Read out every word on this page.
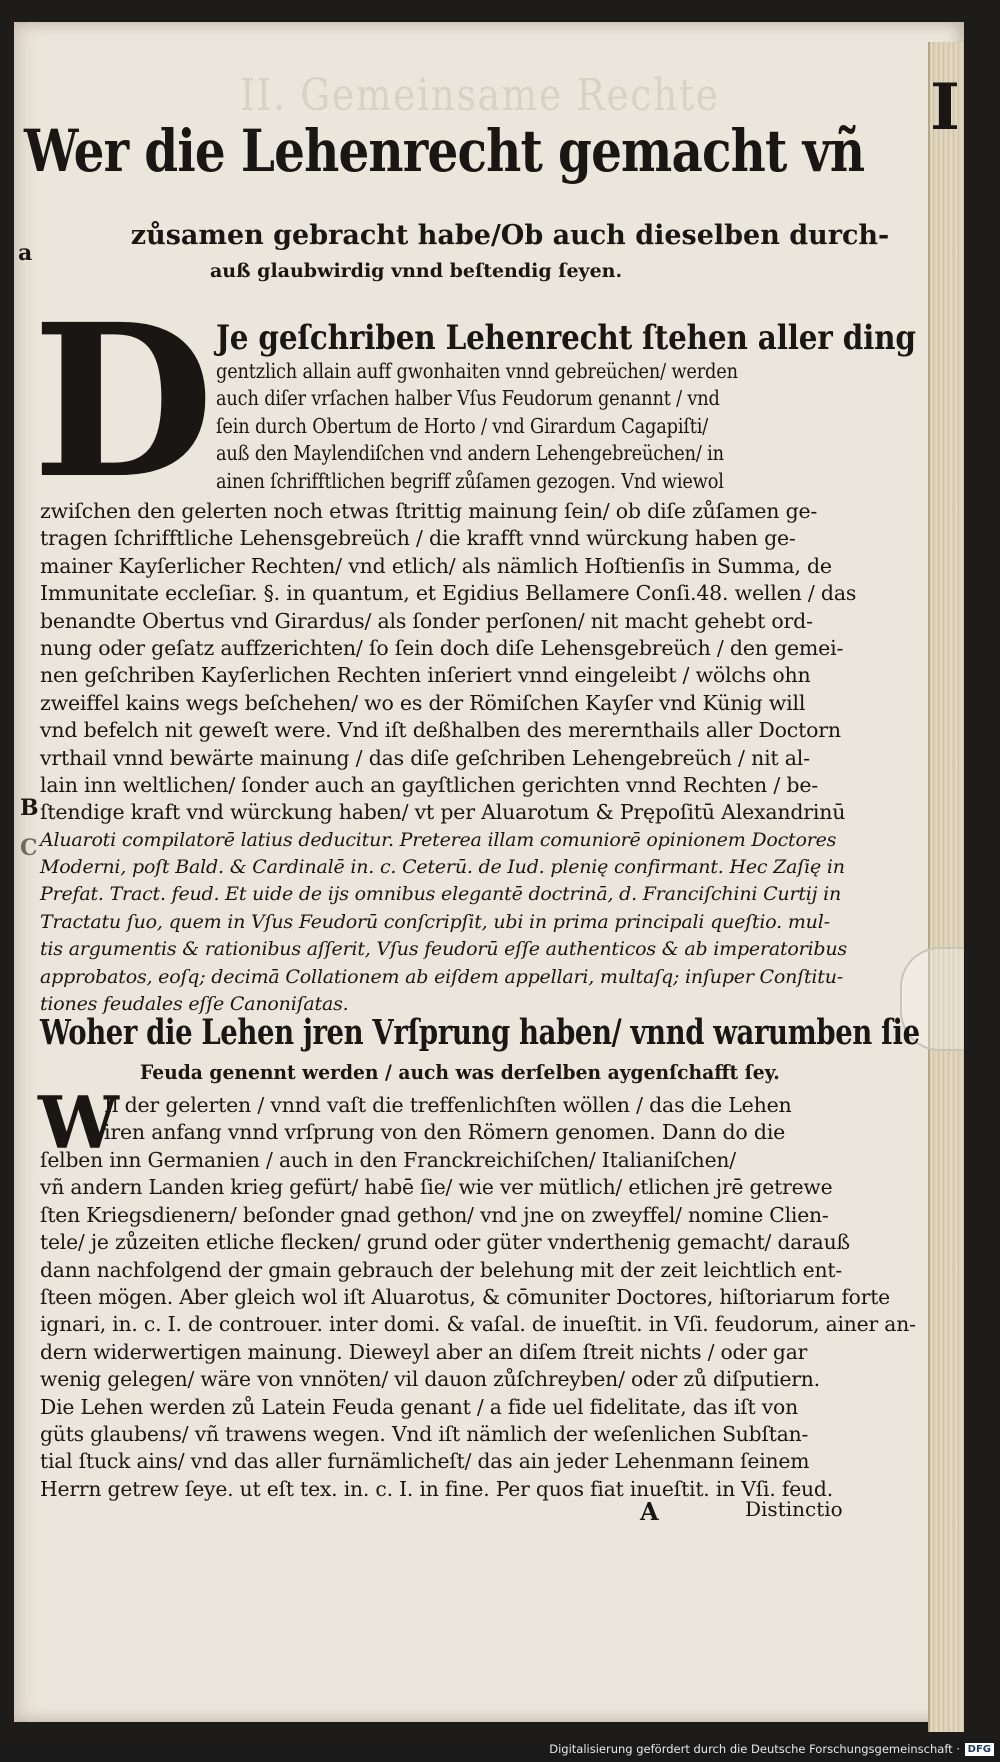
II. Gemeinsame Rechte	I
Wer die Lehenrecht gemacht vñ
zůsamen gebracht habe/Ob auch dieselben durch-
auß glaubwirdig vnnd beſtendig ſeyen.
a
B
C
D Je geſchriben Lehenrecht ſtehen aller ding
gentzlich allain auff gwonhaiten vnnd gebreüchen/ werden
auch diſer vrſachen halber Vſus Feudorum genannt / vnd
ſein durch Obertum de Horto / vnd Girardum Cagapiſti/
auß den Maylendiſchen vnd andern Lehengebreüchen/ in
ainen ſchrifftlichen begriff zůſamen gezogen. Vnd wiewol
zwiſchen den gelerten noch etwas ſtrittig mainung ſein/ ob diſe zůſamen ge-
tragen ſchrifftliche Lehensgebreüch / die krafft vnnd würckung haben ge-
mainer Kayſerlicher Rechten/ vnd etlich/ als nämlich Hoſtienſis in Summa, de
Immunitate eccleſiar. §. in quantum, et Egidius Bellamere Conſi.48. wellen / das
benandte Obertus vnd Girardus/ als ſonder perſonen/ nit macht gehebt ord-
nung oder geſatz auffzerichten/ ſo ſein doch diſe Lehensgebreüch / den gemei-
nen geſchriben Kayſerlichen Rechten inſeriert vnnd eingeleibt / wölchs ohn
zweiffel kains wegs beſchehen/ wo es der Römiſchen Kayſer vnd Künig will
vnd befelch nit geweſt were. Vnd iſt deßhalben des merernthails aller Doctorn
vrthail vnnd bewärte mainung / das diſe geſchriben Lehengebreüch / nit al-
lain inn weltlichen/ ſonder auch an gayſtlichen gerichten vnnd Rechten / be-
ſtendige kraft vnd würckung haben/ vt per Aluarotum & Prępoſitū Alexandrinū
Aluaroti compilatorē latius deducitur. Preterea illam comuniorē opinionem Doctores
Moderni, poſt Bald. & Cardinalē in. c. Ceterū. de Iud. plenię confirmant. Hec Zaſię in
Prefat. Tract. feud. Et uide de ijs omnibus elegantē doctrinā, d. Franciſchini Curtij in
Tractatu ſuo, quem in Vſus Feudorū conſcripſit, ubi in prima principali queſtio. mul-
tis argumentis & rationibus aſſerit, Vſus feudorū eſſe authenticos & ab imperatoribus
approbatos, eoſq; decimā Collationem ab eiſdem appellari, multaſq; inſuper Conſtitu-
tiones feudales eſſe Canoniſatas.
Woher die Lehen jren Vrſprung haben/ vnnd warumben ſie
Feuda genennt werden / auch was derſelben aygenſchafft ſey.
W
Il der gelerten / vnnd vaſt die treffenlichſten wöllen / das die Lehen
iren anfang vnnd vrſprung von den Römern genomen. Dann do die
ſelben inn Germanien / auch in den Franckreichiſchen/ Italianiſchen/
vñ andern Landen krieg gefürt/ habē ſie/ wie ver mütlich/ etlichen jrē getrewe
ſten Kriegsdienern/ beſonder gnad gethon/ vnd jne on zweyffel/ nomine Clien-
tele/ je zůzeiten etliche flecken/ grund oder güter vnderthenig gemacht/ darauß
dann nachfolgend der gmain gebrauch der belehung mit der zeit leichtlich ent-
ſteen mögen. Aber gleich wol iſt Aluarotus, & cōmuniter Doctores, hiſtoriarum forte
ignari, in. c. I. de controuer. inter domi. & vaſal. de inueſtit. in Vſi. feudorum, ainer an-
dern widerwertigen mainung. Dieweyl aber an diſem ſtreit nichts / oder gar
wenig gelegen/ wäre von vnnöten/ vil dauon zůſchreyben/ oder zů diſputiern.
Die Lehen werden zů Latein Feuda genant / a fide uel fidelitate, das iſt von
güts glaubens/ vñ trawens wegen. Vnd iſt nämlich der weſenlichen Subſtan-
tial ſtuck ains/ vnd das aller furnämlicheſt/ das ain jeder Lehenmann ſeinem
Herrn getrew ſeye. ut eſt tex. in. c. I. in fine. Per quos fiat inueſtit. in Vſi. feud.
A	Distinctio
Digitalisierung gefördert durch die Deutsche Forschungsgemeinschaft · DFG
